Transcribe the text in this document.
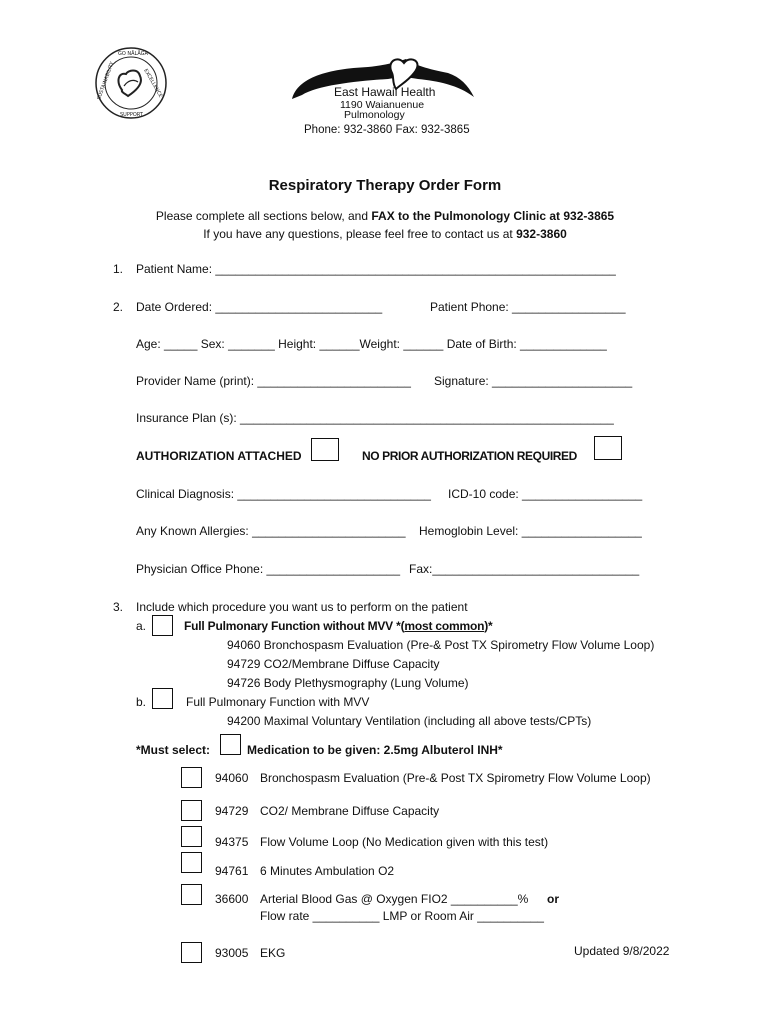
GO NĀLĀGA
EXCELLENCE
SUPPORT
SUSTAINABILITY	East Hawaii Health
1190 Waianuenue
Pulmonology
Phone: 932-3860 Fax: 932-3865
Respiratory Therapy Order Form
Please complete all sections below, and FAX to the Pulmonology Clinic at 932-3865
If you have any questions, please feel free to contact us at 932-3860
1. Patient Name: ____________________________________________________________
2. Date Ordered: _________________________	Patient Phone: _________________
Age: _____ Sex: _______ Height: ______Weight: ______ Date of Birth: _____________
Provider Name (print): _______________________ Signature: _____________________
Insurance Plan (s): ________________________________________________________
AUTHORIZATION ATTACHED	NO PRIOR AUTHORIZATION REQUIRED
Clinical Diagnosis: _____________________________ ICD-10 code: __________________
Any Known Allergies: _______________________ Hemoglobin Level: __________________
Physician Office Phone: ____________________ Fax:_______________________________
3. Include which procedure you want us to perform on the patient
a.	Full Pulmonary Function without MVV *(most common)*
94060 Bronchospasm Evaluation (Pre-& Post TX Spirometry Flow Volume Loop)
94729 CO2/Membrane Diffuse Capacity
94726 Body Plethysmography (Lung Volume)
b.	Full Pulmonary Function with MVV
94200 Maximal Voluntary Ventilation (including all above tests/CPTs)
*Must select:	Medication to be given: 2.5mg Albuterol INH*
94060 Bronchospasm Evaluation (Pre-& Post TX Spirometry Flow Volume Loop)
94729 CO2/ Membrane Diffuse Capacity
94375 Flow Volume Loop (No Medication given with this test)
94761 6 Minutes Ambulation O2
36600 Arterial Blood Gas @ Oxygen FIO2 __________% or
Flow rate __________ LMP or Room Air __________
93005 EKG	Updated 9/8/2022
